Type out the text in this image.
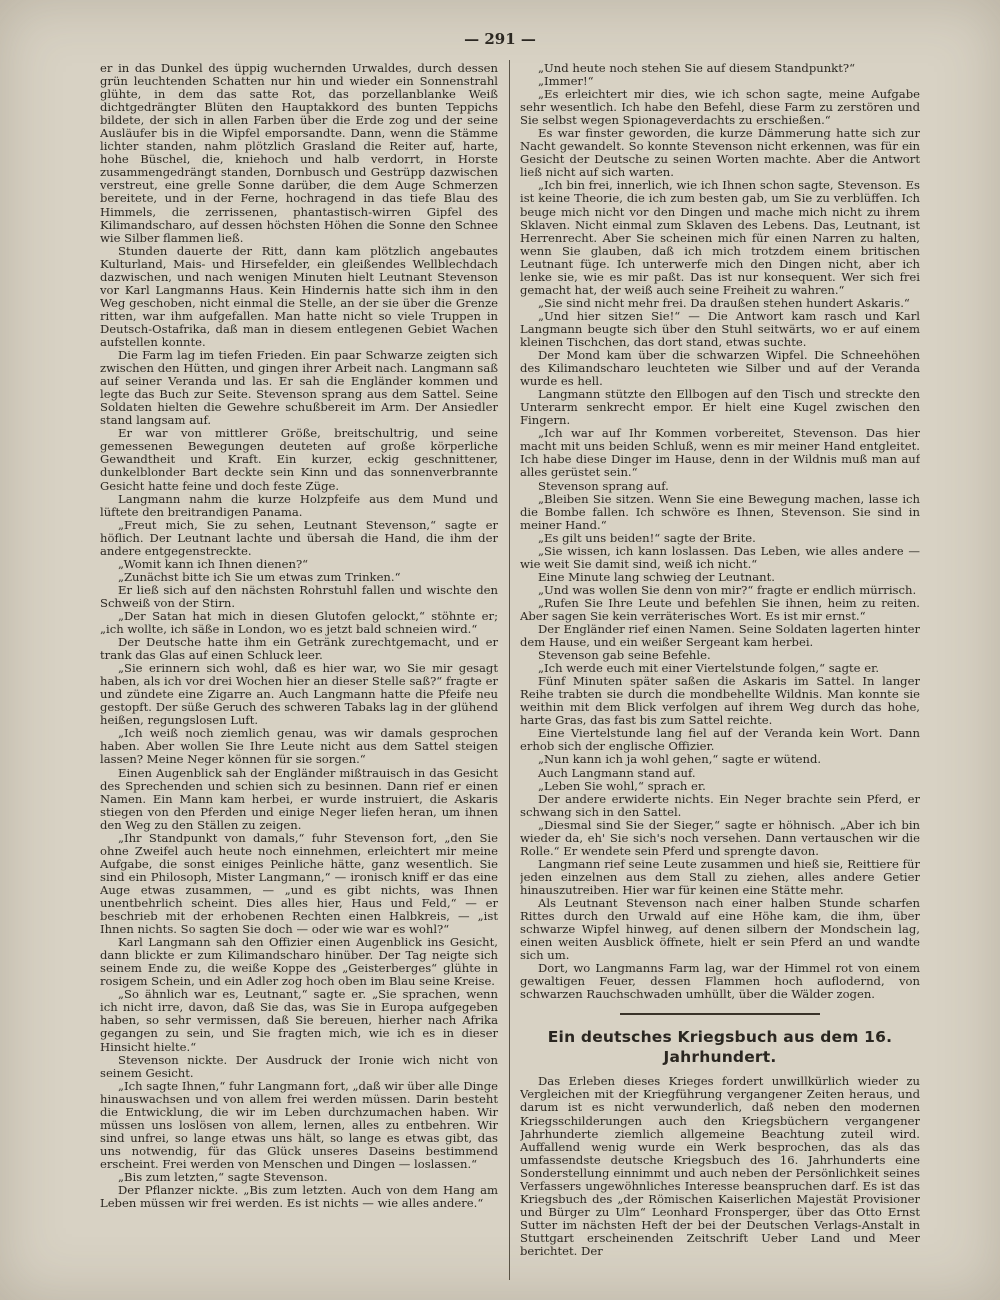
— 291 —

er in das Dunkel des üppig wuchernden Urwaldes, durch dessen grün leuchtenden Schatten nur hin und wieder ein Sonnenstrahl glühte, in dem das satte Rot, das porzellanblanke Weiß dichtgedrängter Blüten den Hauptakkord des bunten Teppichs bildete, der sich in allen Farben über die Erde zog und der seine Ausläufer bis in die Wipfel emporsandte. Dann, wenn die Stämme lichter standen, nahm plötzlich Grasland die Reiter auf, harte, hohe Büschel, die, kniehoch und halb verdorrt, in Horste zusammengedrängt standen, Dornbusch und Gestrüpp dazwischen verstreut, eine grelle Sonne darüber, die dem Auge Schmerzen bereitete, und in der Ferne, hochragend in das tiefe Blau des Himmels, die zerrissenen, phantastisch-wirren Gipfel des Kilimandscharo, auf dessen höchsten Höhen die Sonne den Schnee wie Silber flammen ließ.

Stunden dauerte der Ritt, dann kam plötzlich angebautes Kulturland, Mais- und Hirsefelder, ein gleißendes Wellblechdach dazwischen, und nach wenigen Minuten hielt Leutnant Stevenson vor Karl Langmanns Haus. Kein Hindernis hatte sich ihm in den Weg geschoben, nicht einmal die Stelle, an der sie über die Grenze ritten, war ihm aufgefallen. Man hatte nicht so viele Truppen in Deutsch-Ostafrika, daß man in diesem entlegenen Gebiet Wachen aufstellen konnte.

Die Farm lag im tiefen Frieden. Ein paar Schwarze zeigten sich zwischen den Hütten, und gingen ihrer Arbeit nach. Langmann saß auf seiner Veranda und las. Er sah die Engländer kommen und legte das Buch zur Seite. Stevenson sprang aus dem Sattel. Seine Soldaten hielten die Gewehre schußbereit im Arm. Der Ansiedler stand langsam auf.

Er war von mittlerer Größe, breitschultrig, und seine gemessenen Bewegungen deuteten auf große körperliche Gewandtheit und Kraft. Ein kurzer, eckig geschnittener, dunkelblonder Bart deckte sein Kinn und das sonnenverbrannte Gesicht hatte feine und doch feste Züge.

Langmann nahm die kurze Holzpfeife aus dem Mund und lüftete den breitrandigen Panama.

„Freut mich, Sie zu sehen, Leutnant Stevenson,“ sagte er höflich. Der Leutnant lachte und übersah die Hand, die ihm der andere entgegenstreckte.

„Womit kann ich Ihnen dienen?“

„Zunächst bitte ich Sie um etwas zum Trinken.“

Er ließ sich auf den nächsten Rohrstuhl fallen und wischte den Schweiß von der Stirn.

„Der Satan hat mich in diesen Glutofen gelockt,“ stöhnte er; „ich wollte, ich säße in London, wo es jetzt bald schneien wird.“

Der Deutsche hatte ihm ein Getränk zurechtgemacht, und er trank das Glas auf einen Schluck leer.

„Sie erinnern sich wohl, daß es hier war, wo Sie mir gesagt haben, als ich vor drei Wochen hier an dieser Stelle saß?“ fragte er und zündete eine Zigarre an. Auch Langmann hatte die Pfeife neu gestopft. Der süße Geruch des schweren Tabaks lag in der glühend heißen, regungslosen Luft.

„Ich weiß noch ziemlich genau, was wir damals gesprochen haben. Aber wollen Sie Ihre Leute nicht aus dem Sattel steigen lassen? Meine Neger können für sie sorgen.“

Einen Augenblick sah der Engländer mißtrauisch in das Gesicht des Sprechenden und schien sich zu besinnen. Dann rief er einen Namen. Ein Mann kam herbei, er wurde instruiert, die Askaris stiegen von den Pferden und einige Neger liefen heran, um ihnen den Weg zu den Ställen zu zeigen.

„Ihr Standpunkt von damals,“ fuhr Stevenson fort, „den Sie ohne Zweifel auch heute noch einnehmen, erleichtert mir meine Aufgabe, die sonst einiges Peinliche hätte, ganz wesentlich. Sie sind ein Philosoph, Mister Langmann,“ — ironisch kniff er das eine Auge etwas zusammen, — „und es gibt nichts, was Ihnen unentbehrlich scheint. Dies alles hier, Haus und Feld,“ — er beschrieb mit der erhobenen Rechten einen Halbkreis, — „ist Ihnen nichts. So sagten Sie doch — oder wie war es wohl?“

Karl Langmann sah den Offizier einen Augenblick ins Gesicht, dann blickte er zum Kilimandscharo hinüber. Der Tag neigte sich seinem Ende zu, die weiße Koppe des „Geisterberges“ glühte in rosigem Schein, und ein Adler zog hoch oben im Blau seine Kreise.

„So ähnlich war es, Leutnant,“ sagte er. „Sie sprachen, wenn ich nicht irre, davon, daß Sie das, was Sie in Europa aufgegeben haben, so sehr vermissen, daß Sie bereuen, hierher nach Afrika gegangen zu sein, und Sie fragten mich, wie ich es in dieser Hinsicht hielte.“

Stevenson nickte. Der Ausdruck der Ironie wich nicht von seinem Gesicht.

„Ich sagte Ihnen,“ fuhr Langmann fort, „daß wir über alle Dinge hinauswachsen und von allem frei werden müssen. Darin besteht die Entwicklung, die wir im Leben durchzumachen haben. Wir müssen uns loslösen von allem, lernen, alles zu entbehren. Wir sind unfrei, so lange etwas uns hält, so lange es etwas gibt, das uns notwendig, für das Glück unseres Daseins bestimmend erscheint. Frei werden von Menschen und Dingen — loslassen.“

„Bis zum letzten,“ sagte Stevenson.

Der Pflanzer nickte. „Bis zum letzten. Auch von dem Hang am Leben müssen wir frei werden. Es ist nichts — wie alles andere.“

„Und heute noch stehen Sie auf diesem Standpunkt?“

„Immer!“

„Es erleichtert mir dies, wie ich schon sagte, meine Aufgabe sehr wesentlich. Ich habe den Befehl, diese Farm zu zerstören und Sie selbst wegen Spionageverdachts zu erschießen.“

Es war finster geworden, die kurze Dämmerung hatte sich zur Nacht gewandelt. So konnte Stevenson nicht erkennen, was für ein Gesicht der Deutsche zu seinen Worten machte. Aber die Antwort ließ nicht auf sich warten.

„Ich bin frei, innerlich, wie ich Ihnen schon sagte, Stevenson. Es ist keine Theorie, die ich zum besten gab, um Sie zu verblüffen. Ich beuge mich nicht vor den Dingen und mache mich nicht zu ihrem Sklaven. Nicht einmal zum Sklaven des Lebens. Das, Leutnant, ist Herrenrecht. Aber Sie scheinen mich für einen Narren zu halten, wenn Sie glauben, daß ich mich trotzdem einem britischen Leutnant füge. Ich unterwerfe mich den Dingen nicht, aber ich lenke sie, wie es mir paßt. Das ist nur konsequent. Wer sich frei gemacht hat, der weiß auch seine Freiheit zu wahren.“

„Sie sind nicht mehr frei. Da draußen stehen hundert Askaris.“

„Und hier sitzen Sie!“ — Die Antwort kam rasch und Karl Langmann beugte sich über den Stuhl seitwärts, wo er auf einem kleinen Tischchen, das dort stand, etwas suchte.

Der Mond kam über die schwarzen Wipfel. Die Schneehöhen des Kilimandscharo leuchteten wie Silber und auf der Veranda wurde es hell.

Langmann stützte den Ellbogen auf den Tisch und streckte den Unterarm senkrecht empor. Er hielt eine Kugel zwischen den Fingern.

„Ich war auf Ihr Kommen vorbereitet, Stevenson. Das hier macht mit uns beiden Schluß, wenn es mir meiner Hand entgleitet. Ich habe diese Dinger im Hause, denn in der Wildnis muß man auf alles gerüstet sein.“

Stevenson sprang auf.

„Bleiben Sie sitzen. Wenn Sie eine Bewegung machen, lasse ich die Bombe fallen. Ich schwöre es Ihnen, Stevenson. Sie sind in meiner Hand.“

„Es gilt uns beiden!“ sagte der Brite.

„Sie wissen, ich kann loslassen. Das Leben, wie alles andere — wie weit Sie damit sind, weiß ich nicht.“

Eine Minute lang schwieg der Leutnant.

„Und was wollen Sie denn von mir?“ fragte er endlich mürrisch.

„Rufen Sie Ihre Leute und befehlen Sie ihnen, heim zu reiten. Aber sagen Sie kein verräterisches Wort. Es ist mir ernst.“

Der Engländer rief einen Namen. Seine Soldaten lagerten hinter dem Hause, und ein weißer Sergeant kam herbei.

Stevenson gab seine Befehle.

„Ich werde euch mit einer Viertelstunde folgen,“ sagte er.

Fünf Minuten später saßen die Askaris im Sattel. In langer Reihe trabten sie durch die mondbehellte Wildnis. Man konnte sie weithin mit dem Blick verfolgen auf ihrem Weg durch das hohe, harte Gras, das fast bis zum Sattel reichte.

Eine Viertelstunde lang fiel auf der Veranda kein Wort. Dann erhob sich der englische Offizier.

„Nun kann ich ja wohl gehen,“ sagte er wütend.

Auch Langmann stand auf.

„Leben Sie wohl,“ sprach er.

Der andere erwiderte nichts. Ein Neger brachte sein Pferd, er schwang sich in den Sattel.

„Diesmal sind Sie der Sieger,“ sagte er höhnisch. „Aber ich bin wieder da, eh' Sie sich's noch versehen. Dann vertauschen wir die Rolle.“ Er wendete sein Pferd und sprengte davon.

Langmann rief seine Leute zusammen und hieß sie, Reittiere für jeden einzelnen aus dem Stall zu ziehen, alles andere Getier hinauszutreiben. Hier war für keinen eine Stätte mehr.

Als Leutnant Stevenson nach einer halben Stunde scharfen Rittes durch den Urwald auf eine Höhe kam, die ihm, über schwarze Wipfel hinweg, auf denen silbern der Mondschein lag, einen weiten Ausblick öffnete, hielt er sein Pferd an und wandte sich um.

Dort, wo Langmanns Farm lag, war der Himmel rot von einem gewaltigen Feuer, dessen Flammen hoch auflodernd, von schwarzen Rauchschwaden umhüllt, über die Wälder zogen.

Ein deutsches Kriegsbuch aus dem 16. Jahrhundert.

Das Erleben dieses Krieges fordert unwillkürlich wieder zu Vergleichen mit der Kriegführung vergangener Zeiten heraus, und darum ist es nicht verwunderlich, daß neben den modernen Kriegsschilderungen auch den Kriegsbüchern vergangener Jahrhunderte ziemlich allgemeine Beachtung zuteil wird. Auffallend wenig wurde ein Werk besprochen, das als das umfassendste deutsche Kriegsbuch des 16. Jahrhunderts eine Sonderstellung einnimmt und auch neben der Persönlichkeit seines Verfassers ungewöhnliches Interesse beanspruchen darf. Es ist das Kriegsbuch des „der Römischen Kaiserlichen Majestät Provisioner und Bürger zu Ulm“ Leonhard Fronsperger, über das Otto Ernst Sutter im nächsten Heft der bei der Deutschen Verlags-Anstalt in Stuttgart erscheinenden Zeitschrift Ueber Land und Meer berichtet. Der
